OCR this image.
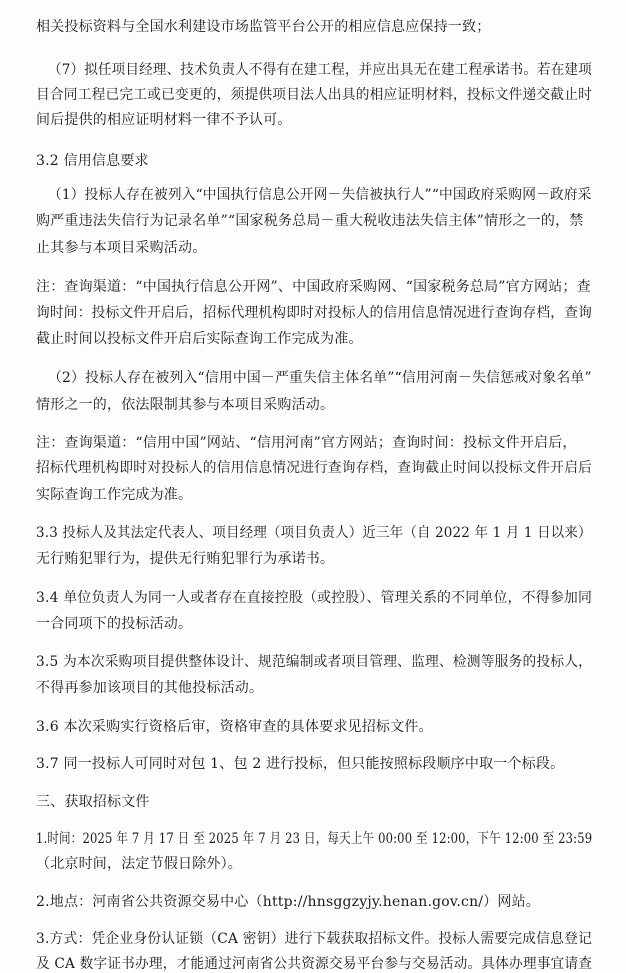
相关投标资料与全国水利建设市场监管平台公开的相应信息应保持一致；
（7）拟任项目经理、技术负责人不得有在建工程，并应出具无在建工程承诺书。若在建项
目合同工程已完工或已变更的，须提供项目法人出具的相应证明材料，投标文件递交截止时
间后提供的相应证明材料一律不予认可。
3.2 信用信息要求
（1）投标人存在被列入“中国执行信息公开网－失信被执行人”“中国政府采购网－政府采
购严重违法失信行为记录名单”“国家税务总局－重大税收违法失信主体”情形之一的，禁
止其参与本项目采购活动。
注：查询渠道：“中国执行信息公开网”、中国政府采购网、“国家税务总局”官方网站；查
询时间：投标文件开启后，招标代理机构即时对投标人的信用信息情况进行查询存档，查询
截止时间以投标文件开启后实际查询工作完成为准。
（2）投标人存在被列入“信用中国－严重失信主体名单”“信用河南－失信惩戒对象名单”
情形之一的，依法限制其参与本项目采购活动。
注：查询渠道：“信用中国”网站、“信用河南”官方网站；查询时间：投标文件开启后，
招标代理机构即时对投标人的信用信息情况进行查询存档，查询截止时间以投标文件开启后
实际查询工作完成为准。
3.3 投标人及其法定代表人、项目经理（项目负责人）近三年（自 2022 年 1 月 1 日以来）
无行贿犯罪行为，提供无行贿犯罪行为承诺书。
3.4 单位负责人为同一人或者存在直接控股（或控股）、管理关系的不同单位，不得参加同
一合同项下的投标活动。
3.5 为本次采购项目提供整体设计、规范编制或者项目管理、监理、检测等服务的投标人，
不得再参加该项目的其他投标活动。
3.6 本次采购实行资格后审，资格审查的具体要求见招标文件。
3.7 同一投标人可同时对包 1、包 2 进行投标，但只能按照标段顺序中取一个标段。
三、获取招标文件
1.时间：2025 年 7 月 17 日 至 2025 年 7 月 23 日，每天上午 00:00 至 12:00，下午 12:00 至 23:59
（北京时间，法定节假日除外）。
2.地点：河南省公共资源交易中心（http://hnsggzyjy.henan.gov.cn/）网站。
3.方式：凭企业身份认证锁（CA 密钥）进行下载获取招标文件。投标人需要完成信息登记
及 CA 数字证书办理，才能通过河南省公共资源交易平台参与交易活动。具体办理事宜请查
